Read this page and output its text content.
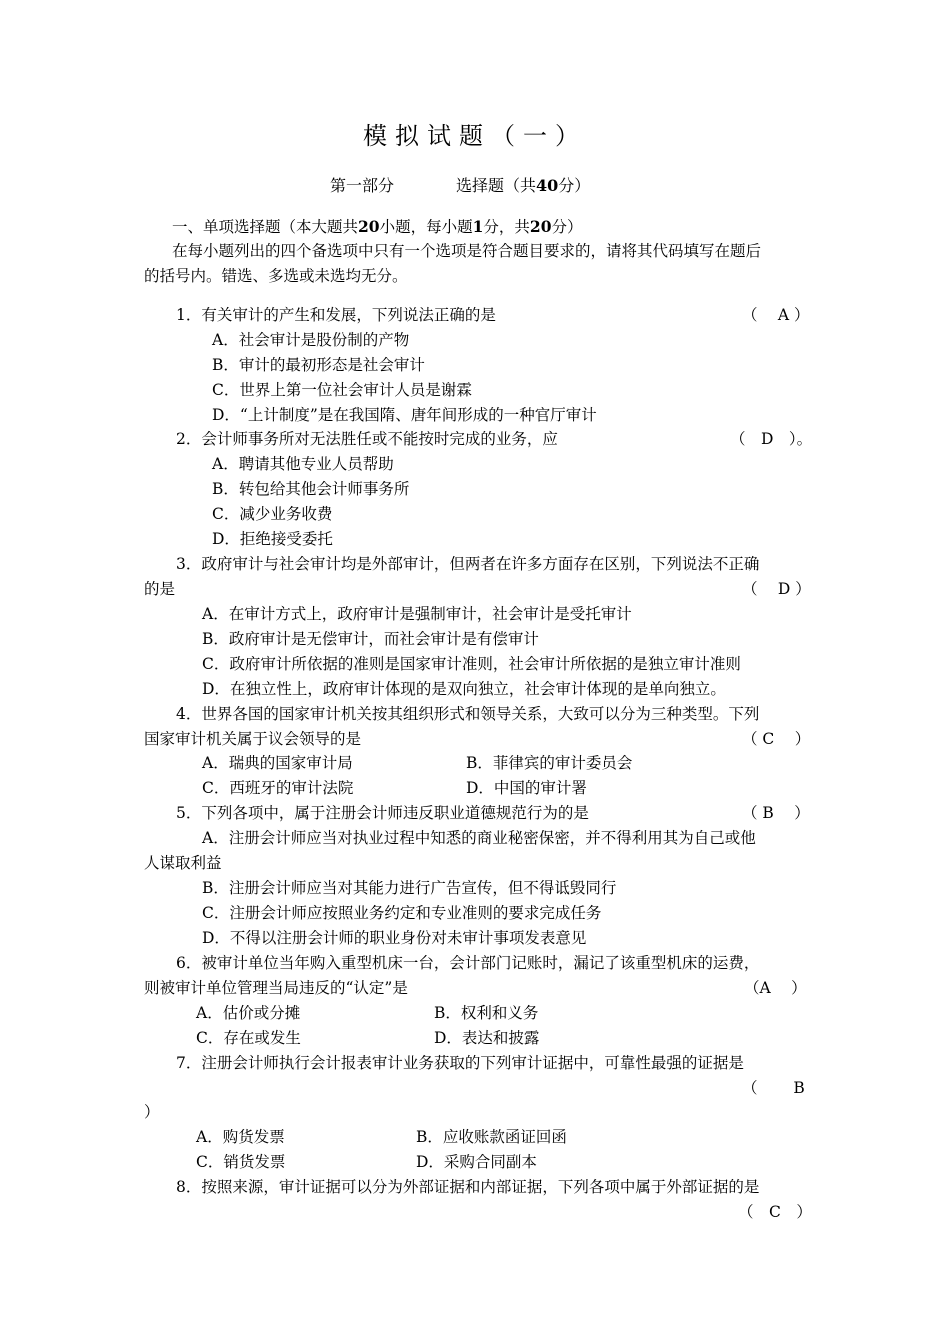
模拟试题（一）
第一部分	选择题（共40分）
一、单项选择题（本大题共20小题，每小题1分，共20分）
在每小题列出的四个备选项中只有一个选项是符合题目要求的，请将其代码填写在题后
的括号内。错选、多选或未选均无分。
1．有关审计的产生和发展，下列说法正确的是	（　 A ）
A．社会审计是股份制的产物
B．审计的最初形态是社会审计
C．世界上第一位社会审计人员是谢霖
D．“上计制度”是在我国隋、唐年间形成的一种官厅审计
2．会计师事务所对无法胜任或不能按时完成的业务，应	（　D　）。
A．聘请其他专业人员帮助
B．转包给其他会计师事务所
C．减少业务收费
D．拒绝接受委托
3．政府审计与社会审计均是外部审计，但两者在许多方面存在区别，下列说法不正确
的是	（　 D ）
A．在审计方式上，政府审计是强制审计，社会审计是受托审计
B．政府审计是无偿审计，而社会审计是有偿审计
C．政府审计所依据的准则是国家审计准则，社会审计所依据的是独立审计准则
D．在独立性上，政府审计体现的是双向独立，社会审计体现的是单向独立。
4．世界各国的国家审计机关按其组织形式和领导关系，大致可以分为三种类型。下列
国家审计机关属于议会领导的是	（ C　 ）
A．瑞典的国家审计局	B．菲律宾的审计委员会
C．西班牙的审计法院	D．中国的审计署
5．下列各项中，属于注册会计师违反职业道德规范行为的是	（ B　 ）
A．注册会计师应当对执业过程中知悉的商业秘密保密，并不得利用其为自己或他
人谋取利益
B．注册会计师应当对其能力进行广告宣传，但不得诋毁同行
C．注册会计师应按照业务约定和专业准则的要求完成任务
D．不得以注册会计师的职业身份对未审计事项发表意见
6．被审计单位当年购入重型机床一台，会计部门记账时，漏记了该重型机床的运费，
则被审计单位管理当局违反的“认定”是	（A　 ）
A．估价或分摊	B．权利和义务
C．存在或发生	D．表达和披露
7．注册会计师执行会计报表审计业务获取的下列审计证据中，可靠性最强的证据是
（　　 B
）
A．购货发票	B．应收账款函证回函
C．销货发票	D．采购合同副本
8．按照来源，审计证据可以分为外部证据和内部证据，下列各项中属于外部证据的是
（　C　）
